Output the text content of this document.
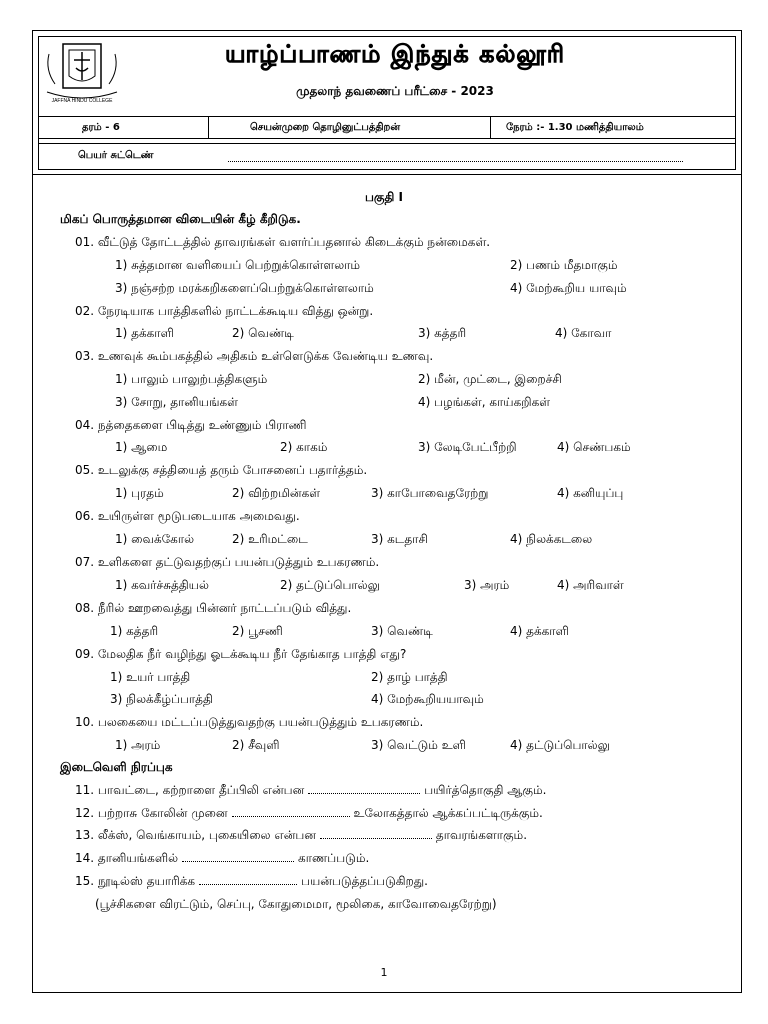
JAFFNA HINDU COLLEGE
யாழ்ப்பாணம் இந்துக் கல்லூரி
முதலாந் தவணைப் பரீட்சை - 2023
தரம் - 6	செயன்முறை தொழினுட்பத்திறன்	நேரம் :- 1.30 மணித்தியாலம்
பெயர் சுட்டெண்
பகுதி I
மிகப் பொருத்தமான விடையின் கீழ் கீறிடுக.
01. வீட்டுத் தோட்டத்தில் தாவரங்கள் வளர்ப்பதனால் கிடைக்கும் நன்மைகள்.
1) சுத்தமான வளியைப் பெற்றுக்கொள்ளலாம்	2) பணம் மீதமாகும்
3) நஞ்சற்ற மரக்கறிகளைப்பெற்றுக்கொள்ளலாம்	4) மேற்கூறிய யாவும்
02. நேரடியாக பாத்திகளில் நாட்டக்கூடிய வித்து ஒன்று.
1) தக்காளி	2) வெண்டி	3) கத்தரி	4) கோவா
03. உணவுக் கூம்பகத்தில் அதிகம் உள்ளெடுக்க வேண்டிய உணவு.
1) பாலும் பாலுற்பத்திகளும்	2) மீன், முட்டை, இறைச்சி
3) சோறு, தானியங்கள்	4) பழங்கள், காய்கறிகள்
04. நத்தைகளை பிடித்து உண்ணும் பிராணி
1) ஆமை	2) காகம்	3) லேடிபேட்பீற்றி	4) செண்பகம்
05. உடலுக்கு சத்தியைத் தரும் போசனைப் பதார்த்தம்.
1) புரதம்	2) விற்றமின்கள்	3) காபோவைதரேற்று	4) கனியுப்பு
06. உயிருள்ள மூடுபடையாக அமைவது.
1) வைக்கோல்	2) உரிமட்டை	3) கடதாசி	4) நிலக்கடலை
07. உளிகளை தட்டுவதற்குப் பயன்படுத்தும் உபகரணம்.
1) கவர்ச்சுத்தியல்	2) தட்டுப்பொல்லு	3) அரம்	4) அரிவாள்
08. நீரில் ஊறவைத்து பின்னர் நாட்டப்படும் வித்து.
1) கத்தரி	2) பூசணி	3) வெண்டி	4) தக்காளி
09. மேலதிக நீர் வழிந்து ஓடக்கூடிய நீர் தேங்காத பாத்தி எது?
1) உயர் பாத்தி	2) தாழ் பாத்தி
3) நிலக்கீழ்ப்பாத்தி	4) மேற்கூறியயாவும்
10. பலகையை மட்டப்படுத்துவதற்கு பயன்படுத்தும் உபகரணம்.
1) அரம்	2) சீவுளி	3) வெட்டும் உளி	4) தட்டுப்பொல்லு
இடைவெளி நிரப்புக
11. பாவட்டை, கற்றாளை தீப்பிலி என்பன	பயிர்த்தொகுதி ஆகும்.
12. பற்றாசு கோலின் முனை	உலோகத்தால் ஆக்கப்பட்டிருக்கும்.
13. லீக்ஸ், வெங்காயம், புகையிலை என்பன	தாவரங்களாகும்.
14. தானியங்களில்	காணப்படும்.
15. நூடில்ஸ் தயாரிக்க	பயன்படுத்தப்படுகிறது.
(பூச்சிகளை விரட்டும், செப்பு, கோதுமைமா, மூலிகை, காவோவைதரேற்று)
1
